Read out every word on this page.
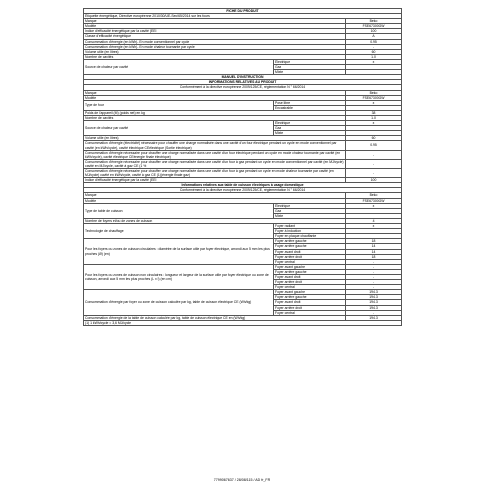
FICHE DU PRODUIT		
Étiquette énergétique, Directive européenne 2010/30/UE-Sec/65/2014 sur les fours		
Marque		Beko
Modèle		FSE67300GW
Indice d'efficacité énergétique par la cavité (EEI		100
Classe d'efficacité énergétique		A
Consommation d'énergie (en kWh)- En mode conventionnel par cycle		0.95
Consommation d'énergie (en kWh)- En mode chaleur tournante par cycle		-
Volume utile (en litres)		60
Nombre de cavités		1.0
Source de chaleur par cavité	Électrique	x
	Gaz	
	Mixte	
MANUEL D'INSTRUCTION		
INFORMATIONS RELATIVES AU PRODUIT		
Conformément à la directive européenne 2009/125/CE, réglementation N ° 66/2014		
Marque		Beko
Modèle		FSE67300GW
Type de four	Pose libre	x
	Encastrable	
Poids de l'appareil (M) (poids net) en kg		38
Nombre de cavités		1.0
Source de chaleur par cavité	Électrique	x
	Gaz	
	Mixte	
Volume utile (en litres)		60
Consommation d'énergie (électricité) nécessaire pour chauffer une charge normalisée dans une cavité d'un four électrique pendant un cycle en mode conventionnel par cavité (en kWh/cycle), cavité électrique CEélectrique (Sortie électrique)		0.95
Consommation d'énergie nécessaire pour chauffer une charge normalisée dans une cavité d'un four électrique pendant un cycle en mode chaleur tournante par cavité (en kWh/cycle), cavité électrique CEénergie finale électrique)		-
Consommation d'énergie nécessaire pour chauffer une charge normalisée dans une cavité d'un four à gaz pendant un cycle en mode conventionnel par cavité (en MJ/cycle) cavité en MJ/cycle, cavité à gaz CE (1 %		-
Consommation d'énergie nécessaire pour chauffer une charge normalisée dans une cavité d'un four à gaz pendant un cycle en mode chaleur tournante par cavité (en MJ/cycle) cavité en kWh/cycle, cavité à gaz CE (1)(énergie finale gaz)		-
Indice d'efficacité énergétique par la cavité (EEI		100
Informations relatives aux table de cuisson électriques à usage domestique		
Conformément à la directive européenne 2009/125/CE, réglementation N ° 66/2014		
Marque		Beko
Modèle		FSE67300GW
Type de table de cuisson	Électrique	x
	Gaz	
	Mixte	
Nombre de foyers et/ou de zones de cuisson		4
Technologie de chauffage	Foyer radiant	x
	Foyer à induction	
	Foyer en plaque chauffante	
Pour les foyers ou zones de cuisson circulaires : diamètre de la surface utile par foyer électrique, arrondi aux 5 mm les plus proches (Ø) (en)	Foyer arrière gauche	18
	Foyer arrière gauche	14
	Foyer avant droit	14
	Foyer arrière droit	18
	Foyer central	-
Pour les foyers ou zones de cuisson non circulaires : longueur et largeur de la surface utile par foyer électrique ou zone de cuisson, arrondi aux 5 mm les plus proches (L x l) (en cm)	Foyer avant gauche	-
	Foyer arrière gauche	-
	Foyer avant droit	-
	Foyer arrière droit	-
	Foyer central	-
Consommation d'énergie par foyer ou zone de cuisson calculée par kg, table de cuisson électrique CE (Wh/kg)	Foyer avant gauche	194.3
	Foyer arrière gauche	194.3
	Foyer avant droit	194.3
	Foyer arrière droit	194.3
	Foyer central	-
Consommation d'énergie de la table de cuisson calculée par kg, table de cuisson électrique CE en (Wh/kg)		194.3
(1) 1 kWh/cycle = 3,6 MJ/cycle		
7799067637 / 28/08/115 / AD fr_FR
